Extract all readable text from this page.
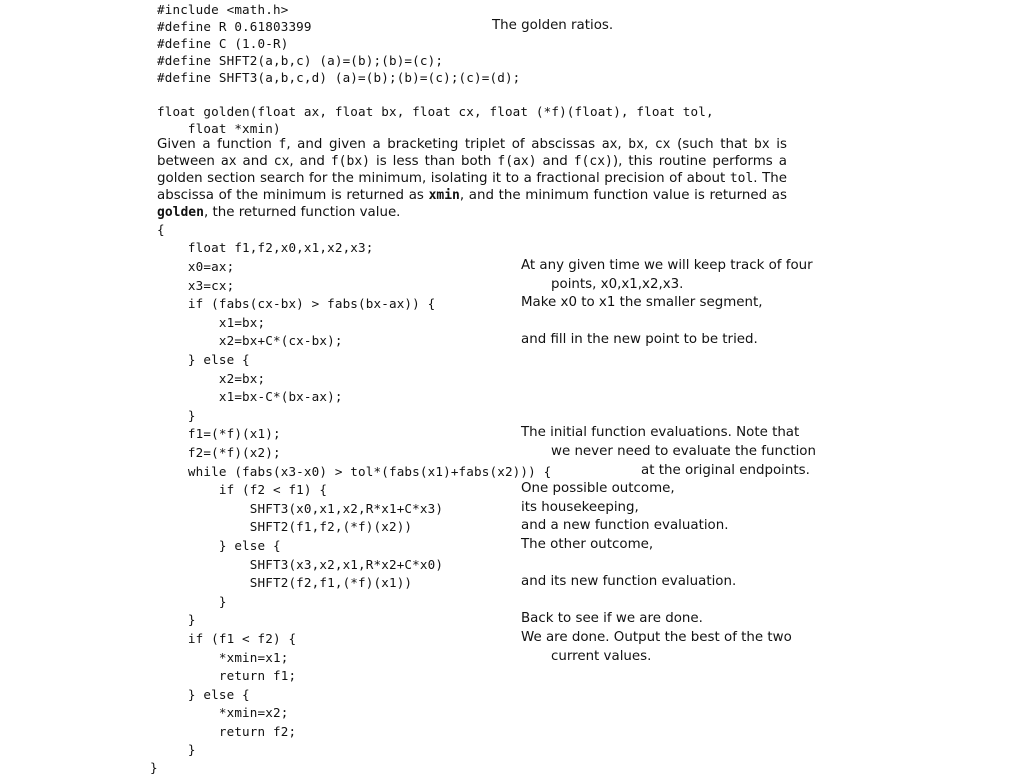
#include <math.h>
#define R 0.61803399	The golden ratios.
#define C (1.0-R)
#define SHFT2(a,b,c) (a)=(b);(b)=(c);
#define SHFT3(a,b,c,d) (a)=(b);(b)=(c);(c)=(d);
float golden(float ax, float bx, float cx, float (*f)(float), float tol,
float *xmin)

Given a function f, and given a bracketing triplet of abscissas ax, bx, cx (such that bx is between ax and cx, and f(bx) is less than both f(ax) and f(cx)), this routine performs a golden section search for the minimum, isolating it to a fractional precision of about tol. The abscissa of the minimum is returned as xmin, and the minimum function value is returned as golden, the returned function value.

{
float f1,f2,x0,x1,x2,x3;
x0=ax;
x3=cx;
if (fabs(cx-bx) > fabs(bx-ax)) {
x1=bx;
x2=bx+C*(cx-bx);
} else {
x2=bx;
x1=bx-C*(bx-ax);
}
f1=(*f)(x1);
f2=(*f)(x2);
while (fabs(x3-x0) > tol*(fabs(x1)+fabs(x2))) {
if (f2 < f1) {
SHFT3(x0,x1,x2,R*x1+C*x3)
SHFT2(f1,f2,(*f)(x2))
} else {
SHFT3(x3,x2,x1,R*x2+C*x0)
SHFT2(f2,f1,(*f)(x1))
}
}
if (f1 < f2) {
*xmin=x1;
return f1;
} else {
*xmin=x2;
return f2;
}
}
At any given time we will keep track of four
points, x0,x1,x2,x3.
Make x0 to x1 the smaller segment,
and fill in the new point to be tried.
The initial function evaluations. Note that
we never need to evaluate the function
at the original endpoints.
One possible outcome,
its housekeeping,
and a new function evaluation.
The other outcome,
and its new function evaluation.
Back to see if we are done.
We are done. Output the best of the two
current values.
